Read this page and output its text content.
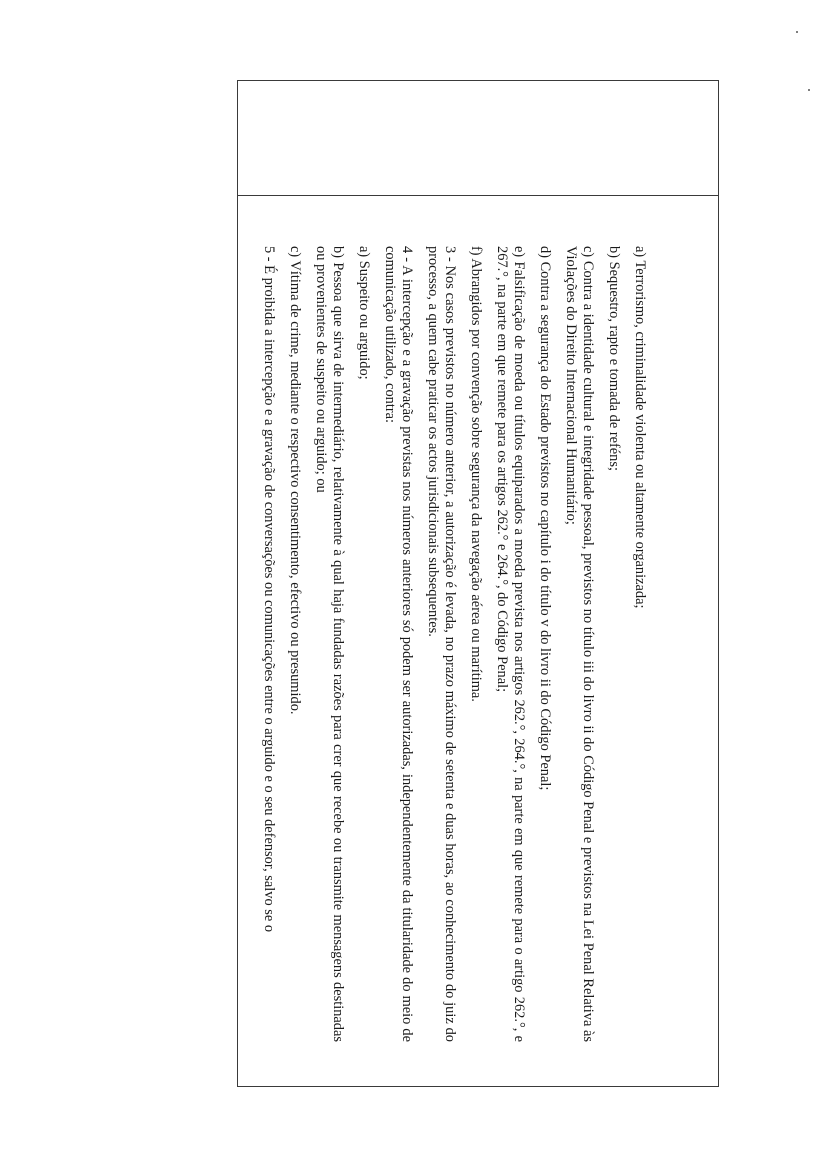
a) Terrorismo, criminalidade violenta ou altamente organizada;

b) Sequestro, rapto e tomada de reféns;

c) Contra a identidade cultural e integridade pessoal, previstos no título iii do livro ii do Código Penal e previstos na Lei Penal Relativa às Violações do Direito Internacional Humanitário;

d) Contra a segurança do Estado previstos no capítulo i do título v do livro ii do Código Penal;

e) Falsificação de moeda ou títulos equiparados a moeda prevista nos artigos 262.°, 264.°, na parte em que remete para o artigo 262.°, e 267.°, na parte em que remete para os artigos 262.° e 264.°, do Código Penal;

f) Abrangidos por convenção sobre segurança da navegação aérea ou marítima.

3 - Nos casos previstos no número anterior, a autorização é levada, no prazo máximo de setenta e duas horas, ao conhecimento do juiz do processo, a quem cabe praticar os actos jurisdicionais subsequentes.

4 - A intercepção e a gravação previstas nos números anteriores só podem ser autorizadas, independentemente da titularidade do meio de comunicação utilizado, contra:

a) Suspeito ou arguido;

b) Pessoa que sirva de intermediário, relativamente à qual haja fundadas razões para crer que recebe ou transmite mensagens destinadas ou provenientes de suspeito ou arguido; ou

c) Vítima de crime, mediante o respectivo consentimento, efectivo ou presumido.

5 - É proibida a intercepção e a gravação de conversações ou comunicações entre o arguido e o seu defensor, salvo se o
